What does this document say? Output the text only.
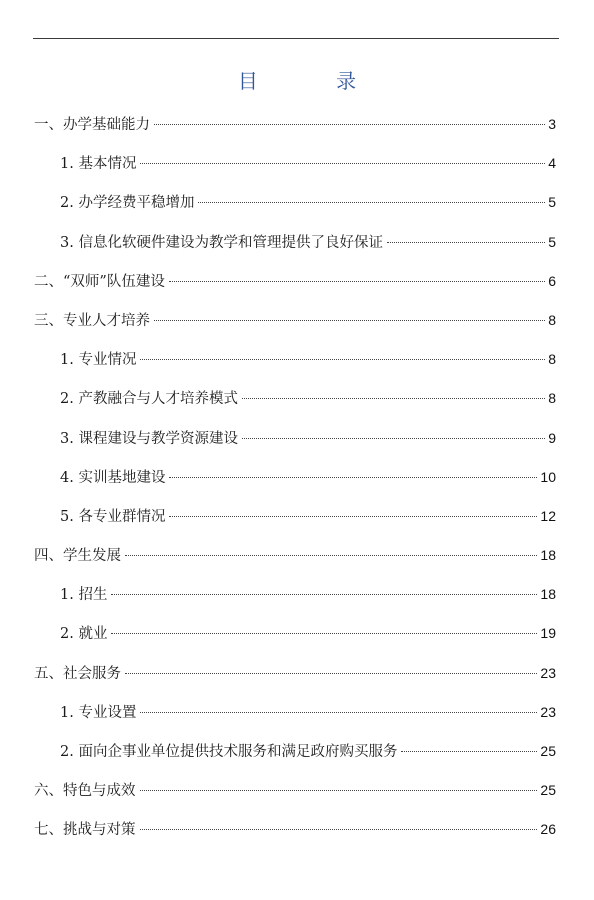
目 录
一、办学基础能力	3
1. 基本情况	4
2. 办学经费平稳增加	5
3. 信息化软硬件建设为教学和管理提供了良好保证	5
二、“双师”队伍建设	6
三、专业人才培养	8
1. 专业情况	8
2. 产教融合与人才培养模式	8
3. 课程建设与教学资源建设	9
4. 实训基地建设	10
5. 各专业群情况	12
四、学生发展	18
1. 招生	18
2. 就业	19
五、社会服务	23
1. 专业设置	23
2. 面向企事业单位提供技术服务和满足政府购买服务	25
六、特色与成效	25
七、挑战与对策	26
